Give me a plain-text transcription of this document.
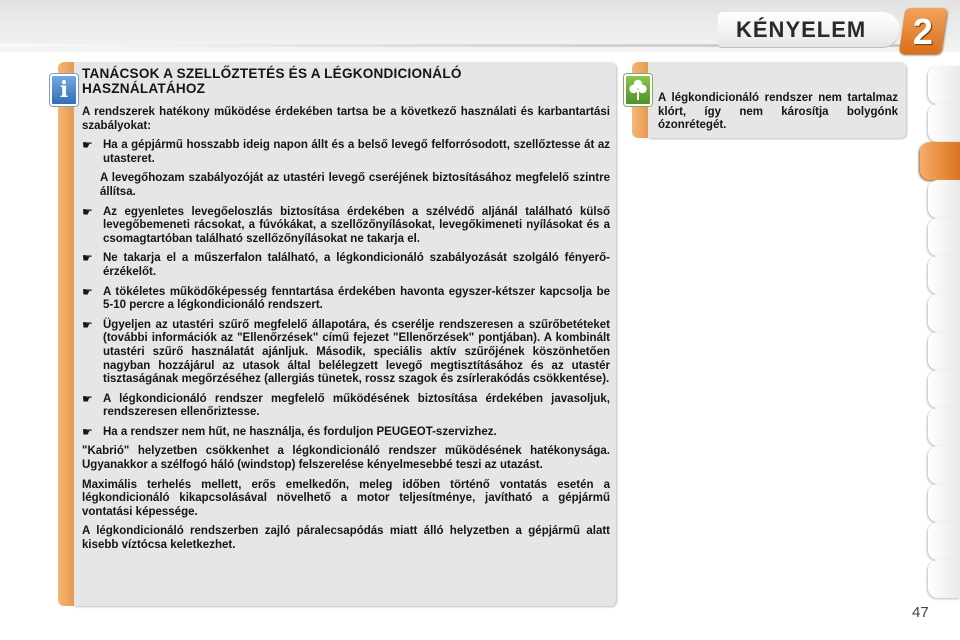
KÉNYELEM	2
TANÁCSOK A SZELLŐZTETÉS ÉS A LÉGKONDICIONÁLÓ
HASZNÁLATÁHOZ
A rendszerek hatékony működése érdekében tartsa be a következő használati és karbantartási szabályokat:
☛ Ha a gépjármű hosszabb ideig napon állt és a belső levegő felforrósodott, szellőztesse át az utasteret.
A levegőhozam szabályozóját az utastéri levegő cseréjének biztosításához megfelelő szintre állítsa.
☛ Az egyenletes levegőeloszlás biztosítása érdekében a szélvédő aljánál található külső levegőbemeneti rácsokat, a fúvókákat, a szellőzőnyílásokat, levegőkimeneti nyílásokat és a csomagtartóban található szellőzőnyílásokat ne takarja el.
☛ Ne takarja el a műszerfalon található, a légkondicionáló szabályozását szolgáló fényerő-érzékelőt.
☛ A tökéletes működőképesség fenntartása érdekében havonta egyszer-kétszer kapcsolja be 5-10 percre a légkondicionáló rendszert.
☛ Ügyeljen az utastéri szűrő megfelelő állapotára, és cserélje rendszeresen a szűrőbetéteket (további információk az "Ellenőrzések" című fejezet "Ellenőrzések" pontjában). A kombinált utastéri szűrő használatát ajánljuk. Második, speciális aktív szűrőjének köszönhetően nagyban hozzájárul az utasok által belélegzett levegő megtisztításához és az utastér tisztaságának megőrzéséhez (allergiás tünetek, rossz szagok és zsírlerakódás csökkentése).
☛ A légkondicionáló rendszer megfelelő működésének biztosítása érdekében javasoljuk, rendszeresen ellenőriztesse.
☛ Ha a rendszer nem hűt, ne használja, és forduljon PEUGEOT-szervizhez.
"Kabrió" helyzetben csökkenhet a légkondicionáló rendszer működésének hatékonysága. Ugyanakkor a szélfogó háló (windstop) felszerelése kényelmesebbé teszi az utazást.
Maximális terhelés mellett, erős emelkedőn, meleg időben történő vontatás esetén a légkondicionáló kikapcsolásával növelhető a motor teljesítménye, javítható a gépjármű vontatási képessége.
A légkondicionáló rendszerben zajló páralecsapódás miatt álló helyzetben a gépjármű alatt kisebb víztócsa keletkezhet.
i	A légkondicionáló rendszer nem tartalmaz klórt, így nem károsítja bolygónk ózonrétegét.
47
